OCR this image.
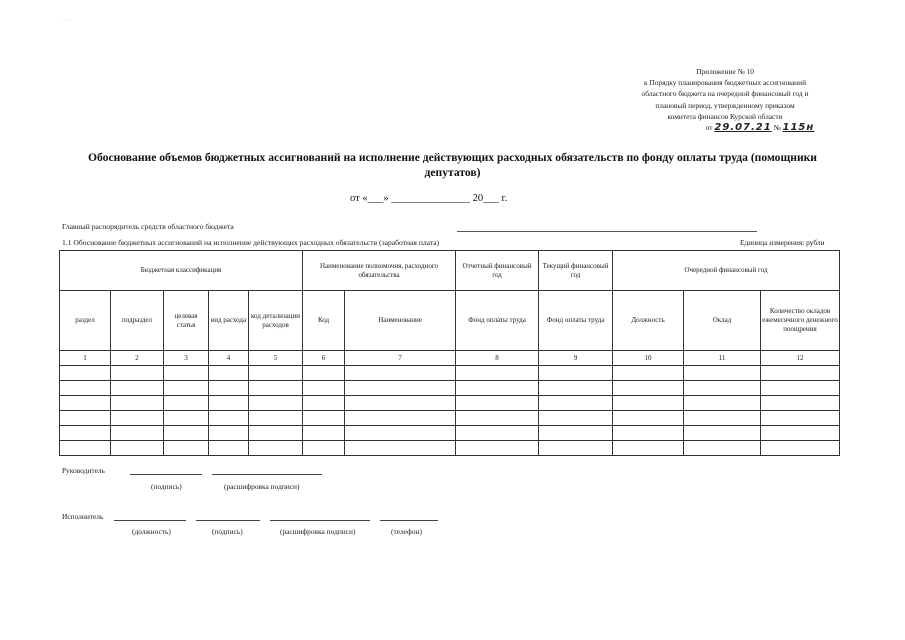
· · ·
Приложение № 10
к Порядку планирования бюджетных ассигнований
областного бюджета на очередной финансовый год и
плановый период, утвержденному приказом
комитета финансов Курской области
от 29.07.21 № 115н
Обоснование объемов бюджетных ассигнований на исполнение действующих расходных обязательств по фонду оплаты труда (помощники депутатов)
от «___» _______________ 20___ г.
Главный распорядитель средств областного бюджета
1.1 Обоснование бюджетных ассигнований на исполнение действующих расходных обязательств (заработная плата)	Единица измерения: рубли
Бюджетная классификация					Наименование полномочия, расходного обязательства		Отчетный финансовый год	Текущий финансовый год	Очередной финансовый год		
раздел	подраздел	целевая статья	вид расхода	код детализации расходов	Код	Наименование	Фонд оплаты труда	Фонд оплаты труда	Должность	Оклад	Количество окладов ежемесячного денежного поощрения
1	2	3	4	5	6	7	8	9	10	11	12

Руководитель
(подпись)	(расшифровка подписи)
Исполнитель
(должность)	(подпись)	(расшифровка подписи)	(телефон)
